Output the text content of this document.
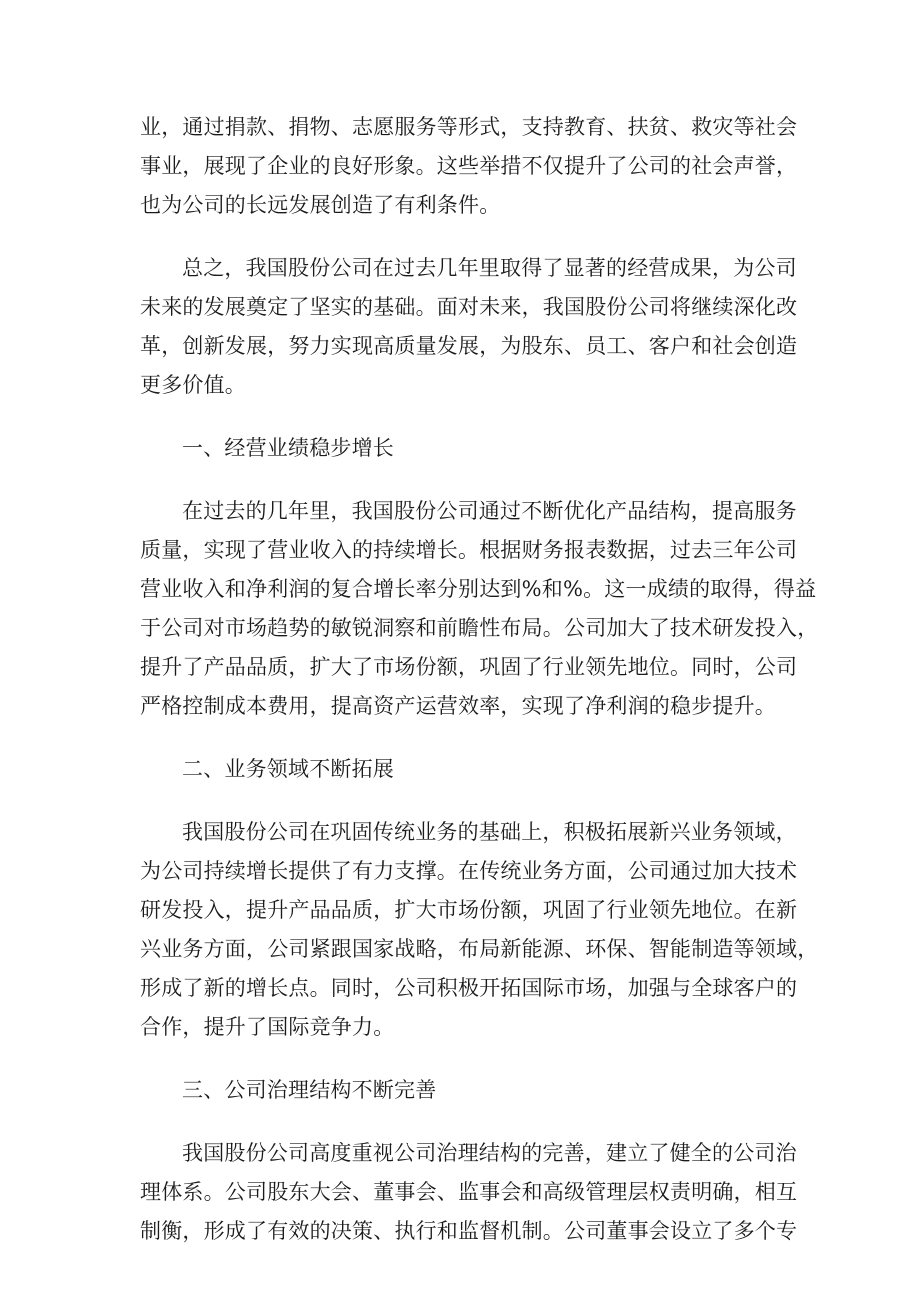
业，通过捐款、捐物、志愿服务等形式，支持教育、扶贫、救灾等社会
事业，展现了企业的良好形象。这些举措不仅提升了公司的社会声誉，
也为公司的长远发展创造了有利条件。

总之，我国股份公司在过去几年里取得了显著的经营成果，为公司
未来的发展奠定了坚实的基础。面对未来，我国股份公司将继续深化改
革，创新发展，努力实现高质量发展，为股东、员工、客户和社会创造
更多价值。

一、经营业绩稳步增长

在过去的几年里，我国股份公司通过不断优化产品结构，提高服务
质量，实现了营业收入的持续增长。根据财务报表数据，过去三年公司
营业收入和净利润的复合增长率分别达到%和%。这一成绩的取得，得益
于公司对市场趋势的敏锐洞察和前瞻性布局。公司加大了技术研发投入，
提升了产品品质，扩大了市场份额，巩固了行业领先地位。同时，公司
严格控制成本费用，提高资产运营效率，实现了净利润的稳步提升。

二、业务领域不断拓展

我国股份公司在巩固传统业务的基础上，积极拓展新兴业务领域，
为公司持续增长提供了有力支撑。在传统业务方面，公司通过加大技术
研发投入，提升产品品质，扩大市场份额，巩固了行业领先地位。在新
兴业务方面，公司紧跟国家战略，布局新能源、环保、智能制造等领域，
形成了新的增长点。同时，公司积极开拓国际市场，加强与全球客户的
合作，提升了国际竞争力。

三、公司治理结构不断完善

我国股份公司高度重视公司治理结构的完善，建立了健全的公司治
理体系。公司股东大会、董事会、监事会和高级管理层权责明确，相互
制衡，形成了有效的决策、执行和监督机制。公司董事会设立了多个专
